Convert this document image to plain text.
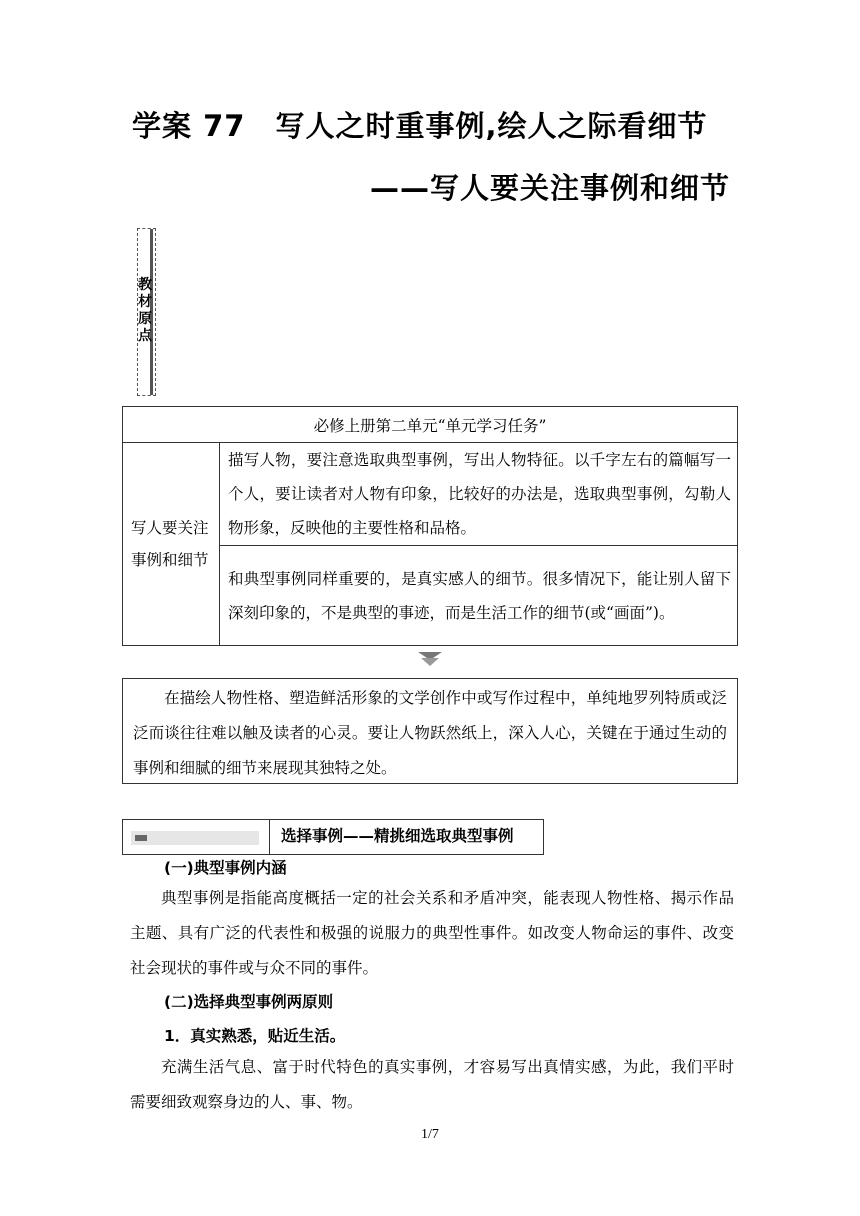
学案 77　写人之时重事例,绘人之际看细节
——写人要关注事例和细节
教材原点
必修上册第二单元“单元学习任务”
写人要关注事例和细节	描写人物，要注意选取典型事例，写出人物特征。以千字左右的篇幅写一个人，要让读者对人物有印象，比较好的办法是，选取典型事例，勾勒人物形象，反映他的主要性格和品格。
和典型事例同样重要的，是真实感人的细节。很多情况下，能让别人留下深刻印象的，不是典型的事迹，而是生活工作的细节(或“画面”)。
在描绘人物性格、塑造鲜活形象的文学创作中或写作过程中，单纯地罗列特质或泛泛而谈往往难以触及读者的心灵。要让人物跃然纸上，深入人心，关键在于通过生动的事例和细腻的细节来展现其独特之处。
选择事例——精挑细选取典型事例
(一)典型事例内涵
典型事例是指能高度概括一定的社会关系和矛盾冲突，能表现人物性格、揭示作品主题、具有广泛的代表性和极强的说服力的典型性事件。如改变人物命运的事件、改变社会现状的事件或与众不同的事件。
(二)选择典型事例两原则
1．真实熟悉，贴近生活。
充满生活气息、富于时代特色的真实事例，才容易写出真情实感，为此，我们平时需要细致观察身边的人、事、物。
1/7
